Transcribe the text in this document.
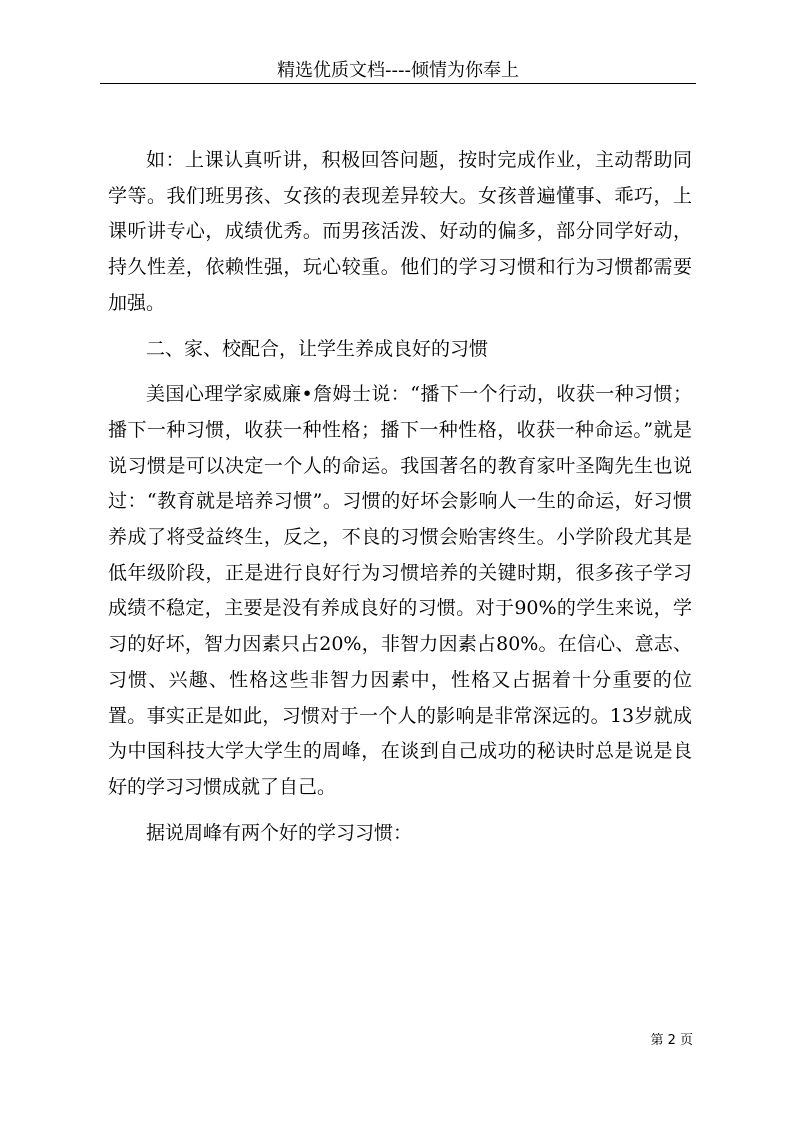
精选优质文档----倾情为你奉上

如：上课认真听讲，积极回答问题，按时完成作业，主动帮助同学等。我们班男孩、女孩的表现差异较大。女孩普遍懂事、乖巧，上课听讲专心，成绩优秀。而男孩活泼、好动的偏多，部分同学好动，持久性差，依赖性强，玩心较重。他们的学习习惯和行为习惯都需要加强。

二、家、校配合，让学生养成良好的习惯

美国心理学家威廉•詹姆士说：“播下一个行动，收获一种习惯；播下一种习惯，收获一种性格；播下一种性格，收获一种命运。”就是说习惯是可以决定一个人的命运。我国著名的教育家叶圣陶先生也说过：“教育就是培养习惯”。习惯的好坏会影响人一生的命运，好习惯养成了将受益终生，反之，不良的习惯会贻害终生。小学阶段尤其是低年级阶段，正是进行良好行为习惯培养的关键时期，很多孩子学习成绩不稳定，主要是没有养成良好的习惯。对于90%的学生来说，学习的好坏，智力因素只占20%，非智力因素占80%。在信心、意志、习惯、兴趣、性格这些非智力因素中，性格又占据着十分重要的位置。事实正是如此，习惯对于一个人的影响是非常深远的。13岁就成为中国科技大学大学生的周峰，在谈到自己成功的秘诀时总是说是良好的学习习惯成就了自己。

据说周峰有两个好的学习习惯：

第 2 页
